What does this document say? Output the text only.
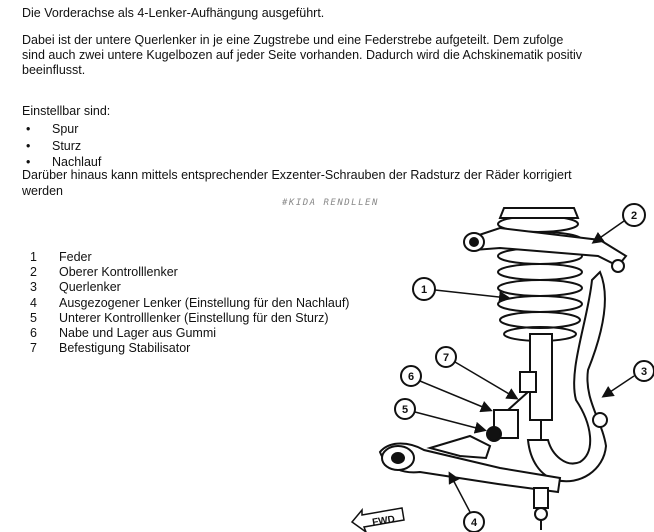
Die Vorderachse als 4-Lenker-Aufhängung ausgeführt.
Dabei ist der untere Querlenker in je eine Zugstrebe und eine Federstrebe aufgeteilt. Dem zufolge
sind auch zwei untere Kugelbozen auf jeder Seite vorhanden. Dadurch wird die Achskinematik positiv
beeinflusst.
Einstellbar sind:
• Spur
• Sturz
• Nachlauf
Darüber hinaus kann mittels entsprechender Exzenter-Schrauben der Radsturz der Räder korrigiert
werden
#KIDA RENDLLEN
1 Feder
2 Oberer Kontrolllenker
3 Querlenker
4 Ausgezogener Lenker (Einstellung für den Nachlauf)
5 Unterer Kontrolllenker (Einstellung für den Sturz)
6 Nabe und Lager aus Gummi
7 Befestigung Stabilisator
1
2
3
4
5
6
7
FWD
